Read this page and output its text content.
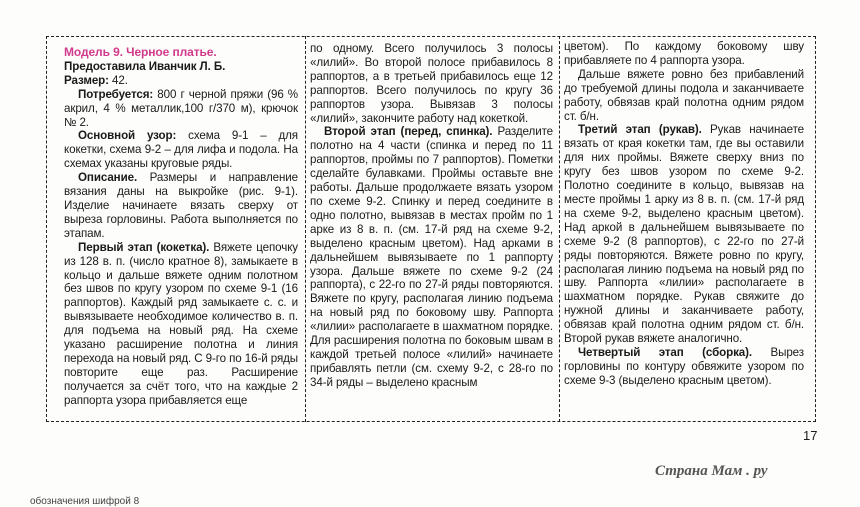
Модель 9. Черное платье.

Предоставила Иванчик Л. Б.

Размер: 42.

Потребуется: 800 г черной пряжи (96 % акрил, 4 % металлик,100 г/370 м), крючок № 2.

Основной узор: схема 9-1 – для кокетки, схема 9-2 – для лифа и подола. На схемах указаны круговые ряды.

Описание. Размеры и направление вязания даны на выкройке (рис. 9-1). Изделие начинаете вязать сверху от выреза горловины. Работа выполняется по этапам.

Первый этап (кокетка). Вяжете цепочку из 128 в. п. (число кратное 8), замыкаете в кольцо и дальше вяжете одним полотном без швов по кругу узором по схеме 9-1 (16 раппортов). Каждый ряд замыкаете с. с. и вывязываете необходимое количество в. п. для подъема на новый ряд. На схеме указано расширение полотна и линия перехода на новый ряд. С 9-го по 16-й ряды повторите еще раз. Расширение получается за счёт того, что на каждые 2 раппорта узора прибавляется еще

по одному. Всего получилось 3 полосы «лилий». Во второй полосе прибавилось 8 раппортов, а в третьей прибавилось еще 12 раппортов. Всего получилось по кругу 36 раппортов узора. Вывязав 3 полосы «лилий», закончите работу над кокеткой.

Второй этап (перед, спинка). Разделите полотно на 4 части (спинка и перед по 11 раппортов, проймы по 7 раппортов). Пометки сделайте булавками. Проймы оставьте вне работы. Дальше продолжаете вязать узором по схеме 9-2. Спинку и перед соедините в одно полотно, вывязав в местах пройм по 1 арке из 8 в. п. (см. 17-й ряд на схеме 9-2, выделено красным цветом). Над арками в дальнейшем вывязываете по 1 раппорту узора. Дальше вяжете по схеме 9-2 (24 раппорта), с 22-го по 27-й ряды повторяются. Вяжете по кругу, располагая линию подъема на новый ряд по боковому шву. Раппорта «лилии» располагаете в шахматном порядке. Для расширения полотна по боковым швам в каждой третьей полосе «лилий» начинаете прибавлять петли (см. схему 9-2, с 28-го по 34-й ряды – выделено красным

цветом). По каждому боковому шву прибавляете по 4 раппорта узора.

Дальше вяжете ровно без прибавлений до требуемой длины подола и заканчиваете работу, обвязав край полотна одним рядом ст. б/н.

Третий этап (рукав). Рукав начинаете вязать от края кокетки там, где вы оставили для них проймы. Вяжете сверху вниз по кругу без швов узором по схеме 9-2. Полотно соедините в кольцо, вывязав на месте проймы 1 арку из 8 в. п. (см. 17-й ряд на схеме 9-2, выделено красным цветом). Над аркой в дальнейшем вывязываете по схеме 9-2 (8 раппортов), с 22-го по 27-й ряды повторяются. Вяжете ровно по кругу, располагая линию подъема на новый ряд по шву. Раппорта «лилии» располагаете в шахматном порядке. Рукав свяжите до нужной длины и заканчиваете работу, обвязав край полотна одним рядом ст. б/н. Второй рукав вяжете аналогично.

Четвертый этап (сборка). Вырез горловины по контуру обвяжите узором по схеме 9-3 (выделено красным цветом).

17
Страна Мам . ру
обозначения шифрой 8
